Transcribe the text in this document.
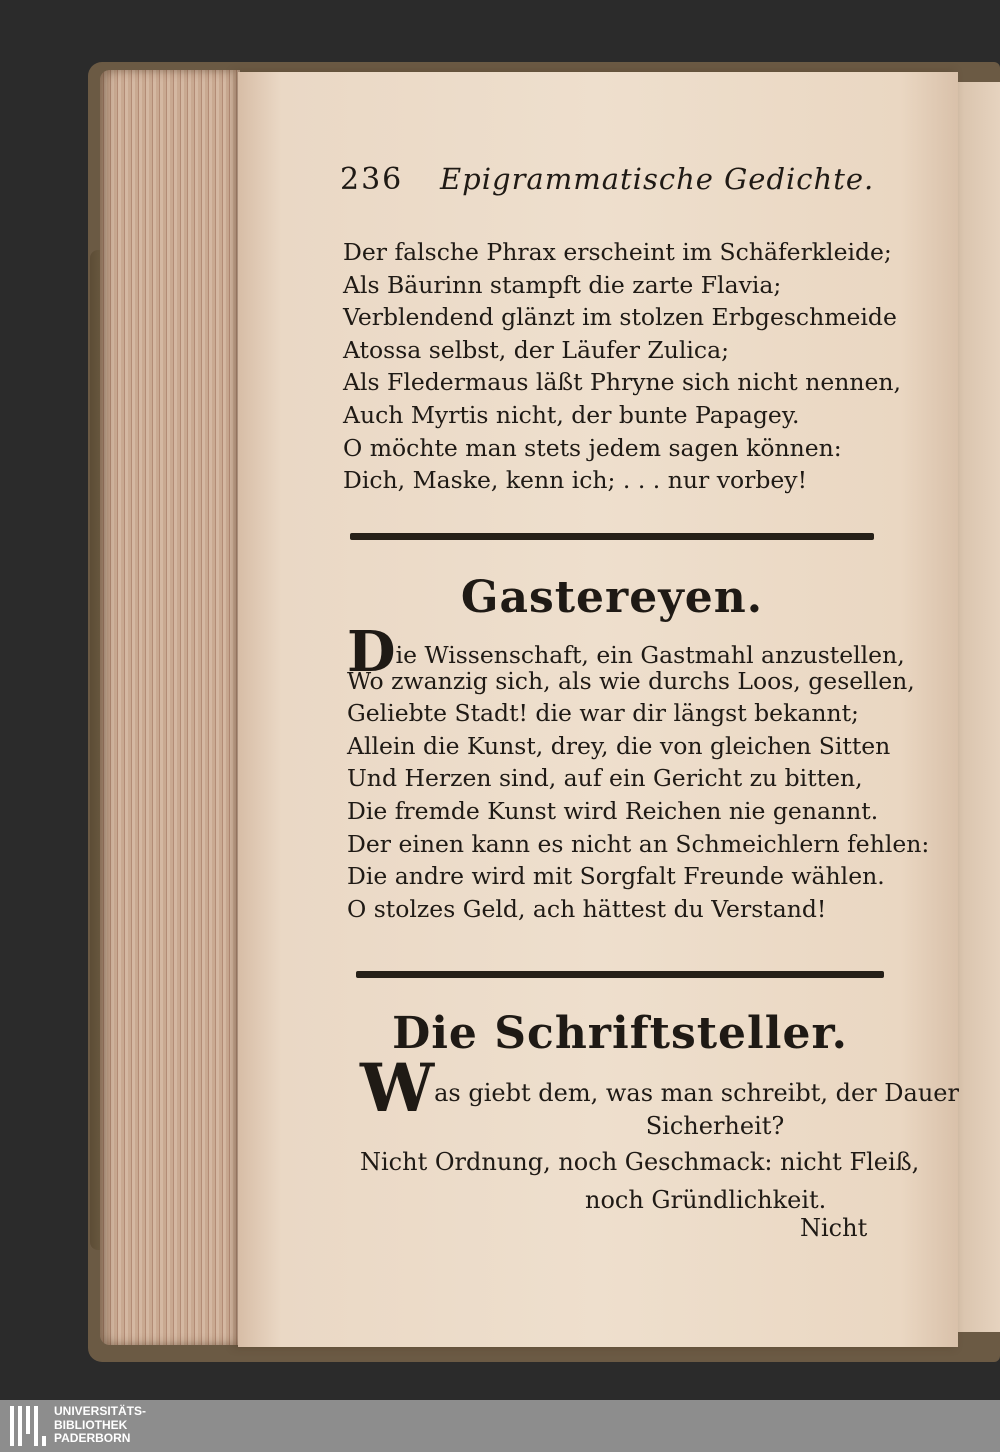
236 Epigrammatische Gedichte.
Der falsche Phrax erscheint im Schäferkleide;
Als Bäurinn stampft die zarte Flavia;
Verblendend glänzt im stolzen Erbgeschmeide
Atossa selbst, der Läufer Zulica;
Als Fledermaus läßt Phryne sich nicht nennen,
Auch Myrtis nicht, der bunte Papagey.
O möchte man stets jedem sagen können:
Dich, Maske, kenn ich; . . . nur vorbey!
Gastereyen.
Die Wissenschaft, ein Gastmahl anzustellen,
Wo zwanzig sich, als wie durchs Loos, gesellen,
Geliebte Stadt! die war dir längst bekannt;
Allein die Kunst, drey, die von gleichen Sitten
Und Herzen sind, auf ein Gericht zu bitten,
Die fremde Kunst wird Reichen nie genannt.
Der einen kann es nicht an Schmeichlern fehlen:
Die andre wird mit Sorgfalt Freunde wählen.
O stolzes Geld, ach hättest du Verstand!
Die Schriftsteller.
Was giebt dem, was man schreibt, der Dauer
Sicherheit?
Nicht Ordnung, noch Geschmack: nicht Fleiß,
noch Gründlichkeit.
Nicht
UNIVERSITÄTS-
BIBLIOTHEK
PADERBORN
